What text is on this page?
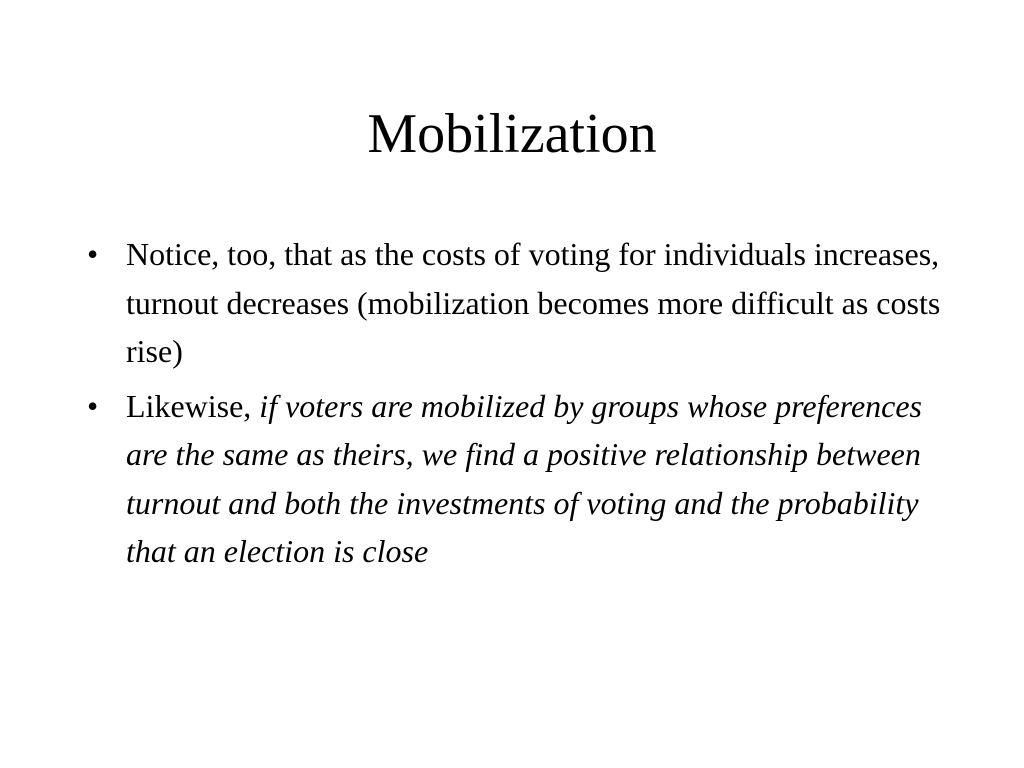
Mobilization
• Notice, too, that as the costs of voting for individuals increases, turnout decreases (mobilization becomes more difficult as costs rise)
• Likewise, if voters are mobilized by groups whose preferences are the same as theirs, we find a positive relationship between turnout and both the investments of voting and the probability that an election is close
